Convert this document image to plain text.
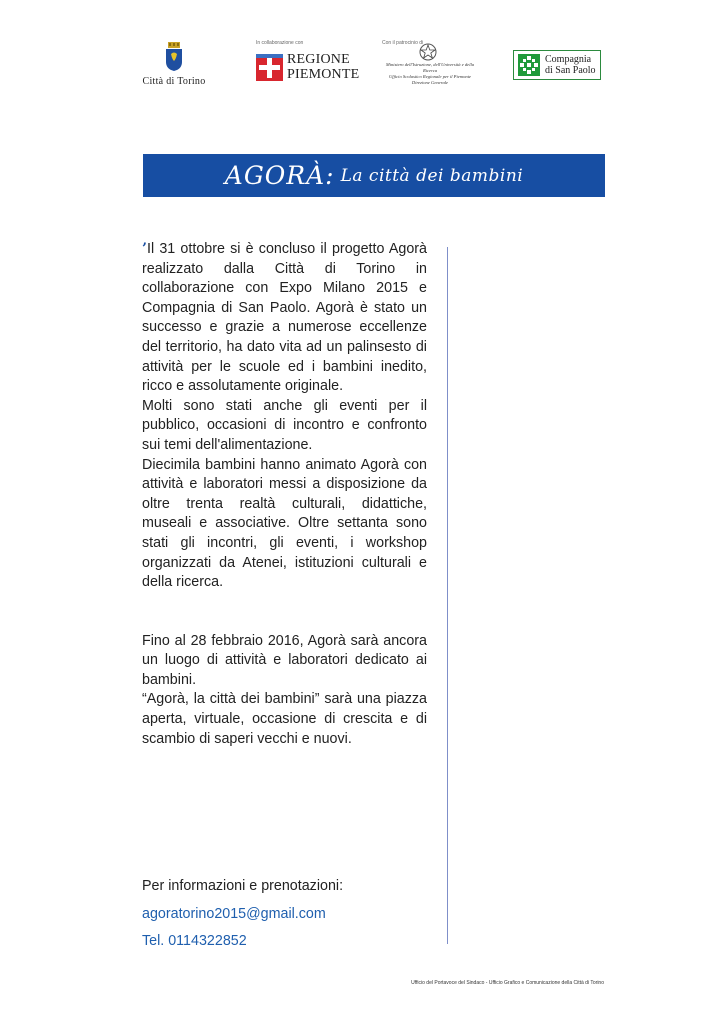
Città di Torino
In collaborazione con
REGIONE
PIEMONTE
Con il patrocinio di
Ministero dell'Istruzione, dell'Università e della Ricerca
Ufficio Scolastico Regionale per il Piemonte
Direzione Generale
Compagnia
di San Paolo
AGORÀ: La città dei bambini

’Il 31 ottobre si è concluso il progetto Agorà realizzato dalla Città di Torino in collaborazione con Expo Milano 2015 e Compagnia di San Paolo. Agorà è stato un successo e grazie a numerose eccellenze del territorio, ha dato vita ad un palinsesto di attività per le scuole ed i bambini inedito, ricco e assolutamente originale.

Molti sono stati anche gli eventi per il pubblico, occasioni di incontro e confronto sui temi dell'alimentazione.

Diecimila bambini hanno animato Agorà con attività e laboratori messi a disposizione da oltre trenta realtà culturali, didattiche, museali e associative. Oltre settanta sono stati gli incontri, gli eventi, i workshop organizzati da Atenei, istituzioni culturali e della ricerca.

Fino al 28 febbraio 2016, Agorà sarà ancora un luogo di attività e laboratori dedicato ai bambini.

“Agorà, la città dei bambini” sarà una piazza aperta, virtuale, occasione di crescita e di scambio di saperi vecchi e nuovi.

Per informazioni e prenotazioni:
agoratorino2015@gmail.com
Tel. 0114322852
Ufficio del Portavoce del Sindaco - Ufficio Grafico e Comunicazione della Città di Torino
